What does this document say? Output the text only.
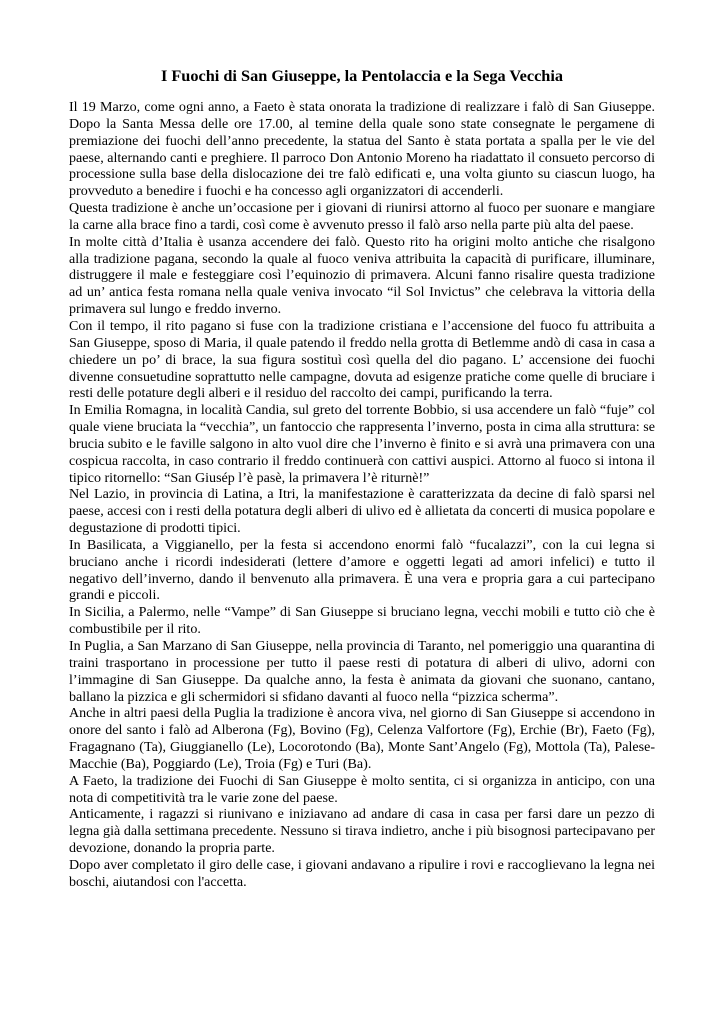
I Fuochi di San Giuseppe, la Pentolaccia e la Sega Vecchia

Il 19 Marzo, come ogni anno, a Faeto è stata onorata la tradizione di realizzare i falò di San Giuseppe. Dopo la Santa Messa delle ore 17.00, al temine della quale sono state consegnate le pergamene di premiazione dei fuochi dell’anno precedente, la statua del Santo è stata portata a spalla per le vie del paese, alternando canti e preghiere. Il parroco Don Antonio Moreno ha riadattato il consueto percorso di processione sulla base della dislocazione dei tre falò edificati e, una volta giunto su ciascun luogo, ha provveduto a benedire i fuochi e ha concesso agli organizzatori di accenderli.

Questa tradizione è anche un’occasione per i giovani di riunirsi attorno al fuoco per suonare e mangiare la carne alla brace fino a tardi, così come è avvenuto presso il falò arso nella parte più alta del paese.

In molte città d’Italia è usanza accendere dei falò. Questo rito ha origini molto antiche che risalgono alla tradizione pagana, secondo la quale al fuoco veniva attribuita la capacità di purificare, illuminare, distruggere il male e festeggiare così l’equinozio di primavera. Alcuni fanno risalire questa tradizione ad un’ antica festa romana nella quale veniva invocato “il Sol Invictus” che celebrava la vittoria della primavera sul lungo e freddo inverno.

Con il tempo, il rito pagano si fuse con la tradizione cristiana e l’accensione del fuoco fu attribuita a San Giuseppe, sposo di Maria, il quale patendo il freddo nella grotta di Betlemme andò di casa in casa a chiedere un po’ di brace, la sua figura sostituì così quella del dio pagano. L’ accensione dei fuochi divenne consuetudine soprattutto nelle campagne, dovuta ad esigenze pratiche come quelle di bruciare i resti delle potature degli alberi e il residuo del raccolto dei campi, purificando la terra.

In Emilia Romagna, in località Candia, sul greto del torrente Bobbio, si usa accendere un falò “fuje” col quale viene bruciata la “vecchia”, un fantoccio che rappresenta l’inverno, posta in cima alla struttura: se brucia subito e le faville salgono in alto vuol dire che l’inverno è finito e si avrà una primavera con una cospicua raccolta, in caso contrario il freddo continuerà con cattivi auspici. Attorno al fuoco si intona il tipico ritornello: “San Giusép l’è pasè, la primavera l’è riturnè!”

Nel Lazio, in provincia di Latina, a Itri, la manifestazione è caratterizzata da decine di falò sparsi nel paese, accesi con i resti della potatura degli alberi di ulivo ed è allietata da concerti di musica popolare e degustazione di prodotti tipici.

In Basilicata, a Viggianello, per la festa si accendono enormi falò “fucalazzi”, con la cui legna si bruciano anche i ricordi indesiderati (lettere d’amore e oggetti legati ad amori infelici) e tutto il negativo dell’inverno, dando il benvenuto alla primavera. È una vera e propria gara a cui partecipano grandi e piccoli.

In Sicilia, a Palermo, nelle “Vampe” di San Giuseppe si bruciano legna, vecchi mobili e tutto ciò che è combustibile per il rito.

In Puglia, a San Marzano di San Giuseppe, nella provincia di Taranto, nel pomeriggio una quarantina di traini trasportano in processione per tutto il paese resti di potatura di alberi di ulivo, adorni con l’immagine di San Giuseppe. Da qualche anno, la festa è animata da giovani che suonano, cantano, ballano la pizzica e gli schermidori si sfidano davanti al fuoco nella “pizzica scherma”.

Anche in altri paesi della Puglia la tradizione è ancora viva, nel giorno di San Giuseppe si accendono in onore del santo i falò ad Alberona (Fg), Bovino (Fg), Celenza Valfortore (Fg), Erchie (Br), Faeto (Fg), Fragagnano (Ta), Giuggianello (Le), Locorotondo (Ba), Monte Sant’Angelo (Fg), Mottola (Ta), Palese-Macchie (Ba), Poggiardo (Le), Troia (Fg) e Turi (Ba).

A Faeto, la tradizione dei Fuochi di San Giuseppe è molto sentita, ci si organizza in anticipo, con una nota di competitività tra le varie zone del paese.

Anticamente, i ragazzi si riunivano e iniziavano ad andare di casa in casa per farsi dare un pezzo di legna già dalla settimana precedente. Nessuno si tirava indietro, anche i più bisognosi partecipavano per devozione, donando la propria parte.

Dopo aver completato il giro delle case, i giovani andavano a ripulire i rovi e raccoglievano la legna nei boschi, aiutandosi con l'accetta.
